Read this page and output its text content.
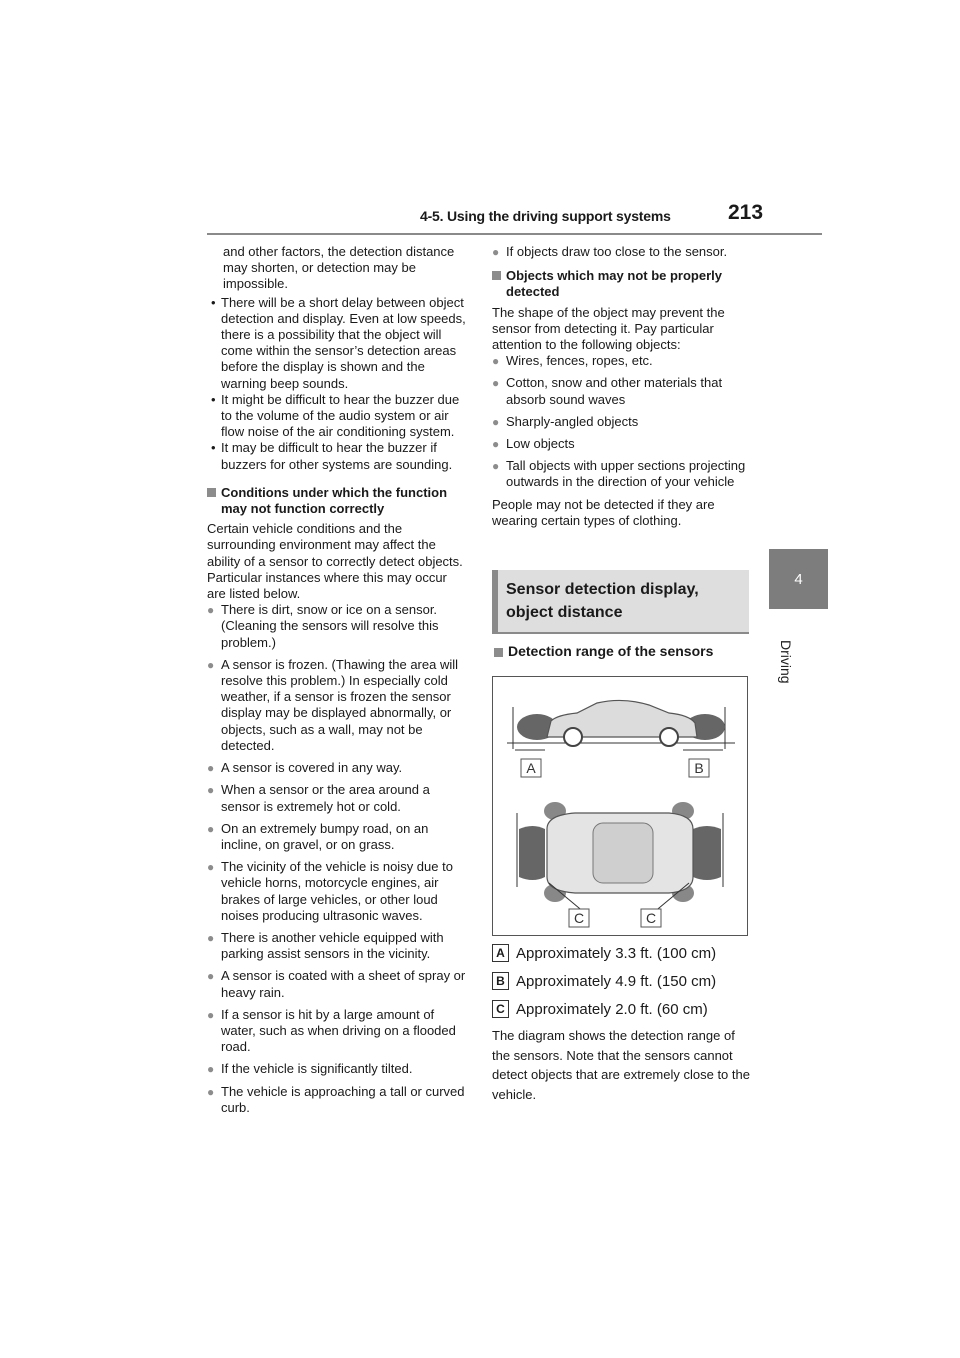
4-5. Using the driving support systems	213
4
Driving

and other factors, the detection distance may shorten, or detection may be impossible.

• There will be a short delay between object detection and display. Even at low speeds, there is a possibility that the object will come within the sensor’s detection areas before the display is shown and the warning beep sounds.
• It might be difficult to hear the buzzer due to the volume of the audio system or air flow noise of the air conditioning system.
• It may be difficult to hear the buzzer if buzzers for other systems are sounding.
Conditions under which the function may not function correctly

Certain vehicle conditions and the surrounding environment may affect the ability of a sensor to correctly detect objects. Particular instances where this may occur are listed below.

● There is dirt, snow or ice on a sensor. (Cleaning the sensors will resolve this problem.)
● A sensor is frozen. (Thawing the area will resolve this problem.) In especially cold weather, if a sensor is frozen the sensor display may be displayed abnormally, or objects, such as a wall, may not be detected.
● A sensor is covered in any way.
● When a sensor or the area around a sensor is extremely hot or cold.
● On an extremely bumpy road, on an incline, on gravel, or on grass.
● The vicinity of the vehicle is noisy due to vehicle horns, motorcycle engines, air brakes of large vehicles, or other loud noises producing ultrasonic waves.
● There is another vehicle equipped with parking assist sensors in the vicinity.
● A sensor is coated with a sheet of spray or heavy rain.
● If a sensor is hit by a large amount of water, such as when driving on a flooded road.
● If the vehicle is significantly tilted.
● The vehicle is approaching a tall or curved curb.
● If objects draw too close to the sensor.
Objects which may not be properly detected

The shape of the object may prevent the sensor from detecting it. Pay particular attention to the following objects:

● Wires, fences, ropes, etc.
● Cotton, snow and other materials that absorb sound waves
● Sharply-angled objects
● Low objects
● Tall objects with upper sections projecting outwards in the direction of your vehicle

People may not be detected if they are wearing certain types of clothing.

Sensor detection display, object distance
Detection range of the sensors
A	B
C	C
A Approximately 3.3 ft. (100 cm)
B Approximately 4.9 ft. (150 cm)
C Approximately 2.0 ft. (60 cm)
The diagram shows the detection range of the sensors. Note that the sensors cannot detect objects that are extremely close to the vehicle.
